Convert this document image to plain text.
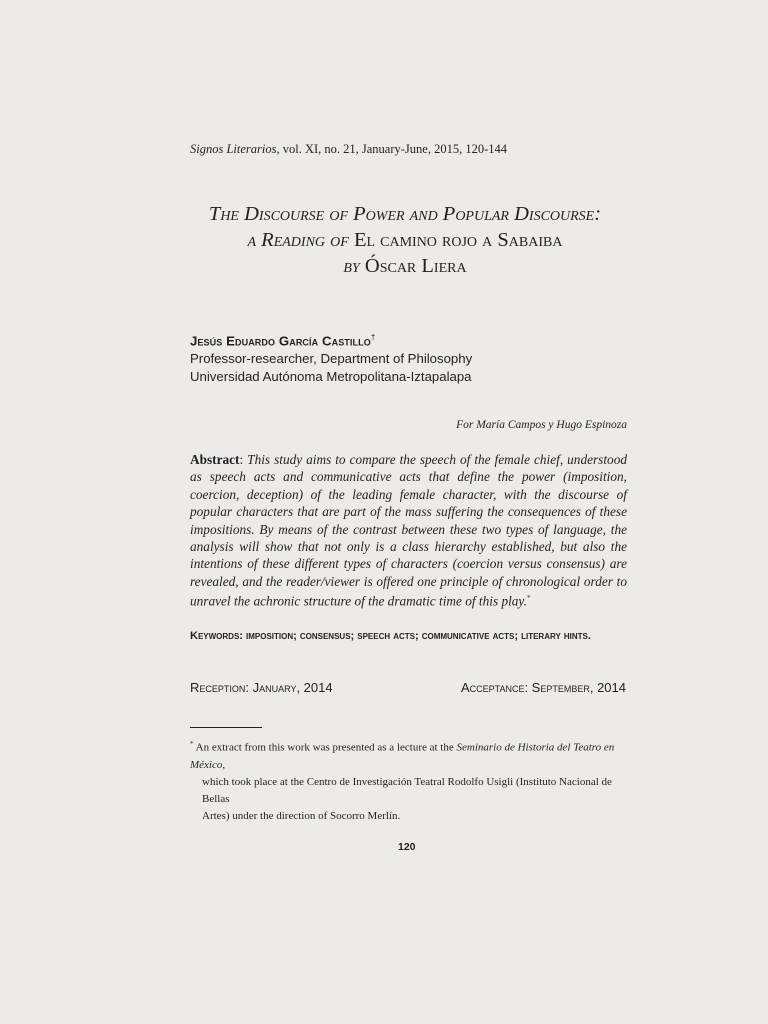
Signos Literarios, vol. XI, no. 21, January-June, 2015, 120-144
The Discourse of Power and Popular Discourse:
a Reading of El camino rojo a Sabaiba
by Óscar Liera
Jesús Eduardo García Castillo†
Professor-researcher, Department of Philosophy
Universidad Autónoma Metropolitana-Iztapalapa
For María Campos y Hugo Espinoza
Abstract: This study aims to compare the speech of the female chief, understood as speech acts and communicative acts that define the power (imposition, coercion, deception) of the leading female character, with the discourse of popular characters that are part of the mass suffering the consequences of these impositions. By means of the contrast between these two types of language, the analysis will show that not only is a class hierarchy established, but also the intentions of these different types of characters (coercion versus consensus) are revealed, and the reader/viewer is offered one principle of chronological order to unravel the achronic structure of the dramatic time of this play.*
Keywords: imposition; consensus; speech acts; communicative acts; literary hints.
Reception: January, 2014	Acceptance: September, 2014
* An extract from this work was presented as a lecture at the Seminario de Historia del Teatro en México,
which took place at the Centro de Investigación Teatral Rodolfo Usigli (Instituto Nacional de Bellas
Artes) under the direction of Socorro Merlín.
120
